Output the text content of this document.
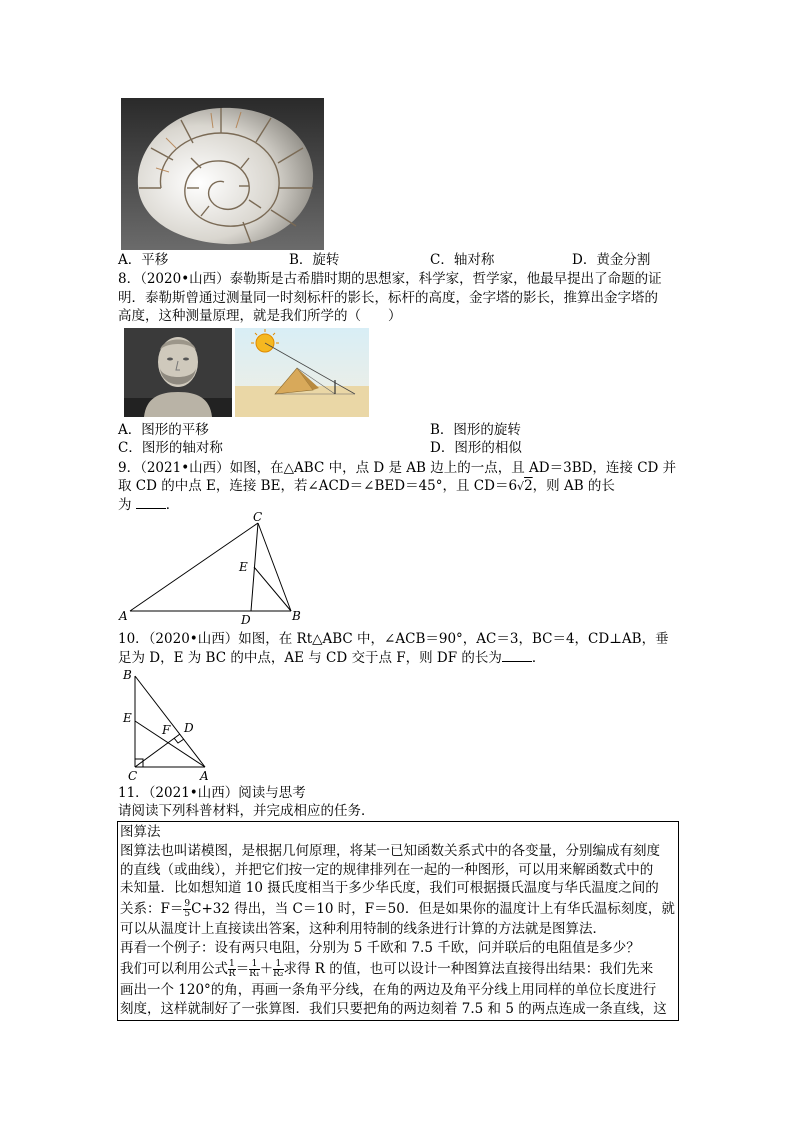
A．平移	B．旋转	C．轴对称	D．黄金分割
8．（2020•山西）泰勒斯是古希腊时期的思想家，科学家，哲学家，他最早提出了命题的证
明．泰勒斯曾通过测量同一时刻标杆的影长，标杆的高度，金字塔的影长，推算出金字塔的
高度，这种测量原理，就是我们所学的（　　）
A．图形的平移	B．图形的旋转
C．图形的轴对称	D．图形的相似
9．（2021•山西）如图，在△ABC 中，点 D 是 AB 边上的一点，且 AD＝3BD，连接 CD 并
取 CD 的中点 E，连接 BE，若∠ACD＝∠BED＝45°，且 CD＝6√2，则 AB 的长
为 ．
A	B
C
D
E
10．（2020•山西）如图，在 Rt△ABC 中，∠ACB＝90°，AC＝3，BC＝4，CD⊥AB，垂
足为 D，E 为 BC 的中点，AE 与 CD 交于点 F，则 DF 的长为 ．
B
E
F D
C	A
11．（2021•山西）阅读与思考
请阅读下列科普材料，并完成相应的任务．
图算法
图算法也叫诺模图，是根据几何原理，将某一已知函数关系式中的各变量，分别编成有刻度
的直线（或曲线），并把它们按一定的规律排列在一起的一种图形，可以用来解函数式中的
未知量．比如想知道 10 摄氏度相当于多少华氏度，我们可根据摄氏温度与华氏温度之间的
关系：$F= \frac{9}{5} C+32$ 得出，当 C＝10 时，F＝50．但是如果你的温度计上有华氏温标刻度，就
可以从温度计上直接读出答案，这种利用特制的线条进行计算的方法就是图算法．
再看一个例子：设有两只电阻，分别为 5 千欧和 7.5 千欧，问并联后的电阻值是多少？
我们可以利用公式 $\frac{1}{R} = \frac{1}{\text{R₁}} + \frac{1}{\text{R₂}}$ 求得 R 的值，也可以设计一种图算法直接得出结果：我们先来
画出一个 120°的角，再画一条角平分线，在角的两边及角平分线上用同样的单位长度进行
刻度，这样就制好了一张算图．我们只要把角的两边刻着 7.5 和 5 的两点连成一条直线，这
